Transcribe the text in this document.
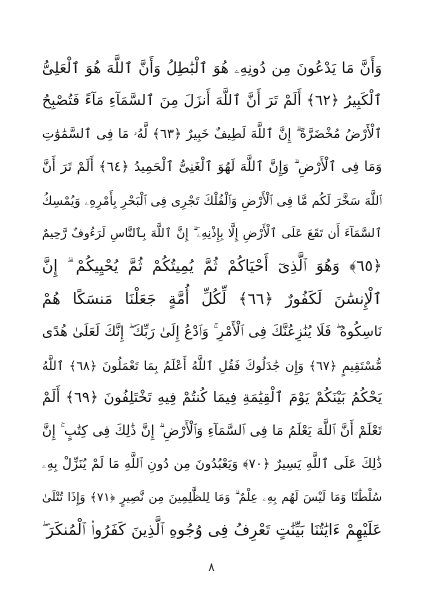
وَأَنَّ مَا يَدْعُونَ مِن دُونِهِۦ هُوَ ٱلْبَٰطِلُ وَأَنَّ ٱللَّهَ هُوَ ٱلْعَلِىُّ
ٱلْكَبِيرُ ﴿٦٢﴾ أَلَمْ تَرَ أَنَّ ٱللَّهَ أَنزَلَ مِنَ ٱلسَّمَآءِ مَآءً فَتُصْبِحُ
ٱلْأَرْضُ مُخْضَرَّةً ۗ إِنَّ ٱللَّهَ لَطِيفٌ خَبِيرٌ ﴿٦٣﴾ لَّهُۥ مَا فِى ٱلسَّمَٰوَٰتِ
وَمَا فِى ٱلْأَرْضِ ۗ وَإِنَّ ٱللَّهَ لَهُوَ ٱلْغَنِىُّ ٱلْحَمِيدُ ﴿٦٤﴾ أَلَمْ تَرَ أَنَّ
ٱللَّهَ سَخَّرَ لَكُم مَّا فِى ٱلْأَرْضِ وَٱلْفُلْكَ تَجْرِى فِى ٱلْبَحْرِ بِأَمْرِهِۦ وَيُمْسِكُ
ٱلسَّمَآءَ أَن تَقَعَ عَلَى ٱلْأَرْضِ إِلَّا بِإِذْنِهِۦٓ ۗ إِنَّ ٱللَّهَ بِٱلنَّاسِ لَرَءُوفٌ رَّحِيمٌ
﴿٦٥﴾ وَهُوَ ٱلَّذِىٓ أَحْيَاكُمْ ثُمَّ يُمِيتُكُمْ ثُمَّ يُحْيِيكُمْ ۗ إِنَّ
ٱلْإِنسَٰنَ لَكَفُورٌ ﴿٦٦﴾ لِّكُلِّ أُمَّةٍ جَعَلْنَا مَنسَكًا هُمْ
نَاسِكُوهُ ۖ فَلَا يُنَٰزِعُنَّكَ فِى ٱلْأَمْرِ ۚ وَٱدْعُ إِلَىٰ رَبِّكَ ۖ إِنَّكَ لَعَلَىٰ هُدًى
مُّسْتَقِيمٍ ﴿٦٧﴾ وَإِن جَٰدَلُوكَ فَقُلِ ٱللَّهُ أَعْلَمُ بِمَا تَعْمَلُونَ ﴿٦٨﴾ ٱللَّهُ
يَحْكُمُ بَيْنَكُمْ يَوْمَ ٱلْقِيَٰمَةِ فِيمَا كُنتُمْ فِيهِ تَخْتَلِفُونَ ﴿٦٩﴾ أَلَمْ
تَعْلَمْ أَنَّ ٱللَّهَ يَعْلَمُ مَا فِى ٱلسَّمَآءِ وَٱلْأَرْضِ ۗ إِنَّ ذَٰلِكَ فِى كِتَٰبٍ ۚ إِنَّ
ذَٰلِكَ عَلَى ٱللَّهِ يَسِيرٌ ﴿٧٠﴾ وَيَعْبُدُونَ مِن دُونِ ٱللَّهِ مَا لَمْ يُنَزِّلْ بِهِۦ
سُلْطَٰنًا وَمَا لَيْسَ لَهُم بِهِۦ عِلْمٌ ۗ وَمَا لِلظَّٰلِمِينَ مِن نَّصِيرٍ ﴿٧١﴾ وَإِذَا تُتْلَىٰ
عَلَيْهِمْ ءَايَٰتُنَا بَيِّنَٰتٍ تَعْرِفُ فِى وُجُوهِ ٱلَّذِينَ كَفَرُوا۟ ٱلْمُنكَرَ ۖ
٨
